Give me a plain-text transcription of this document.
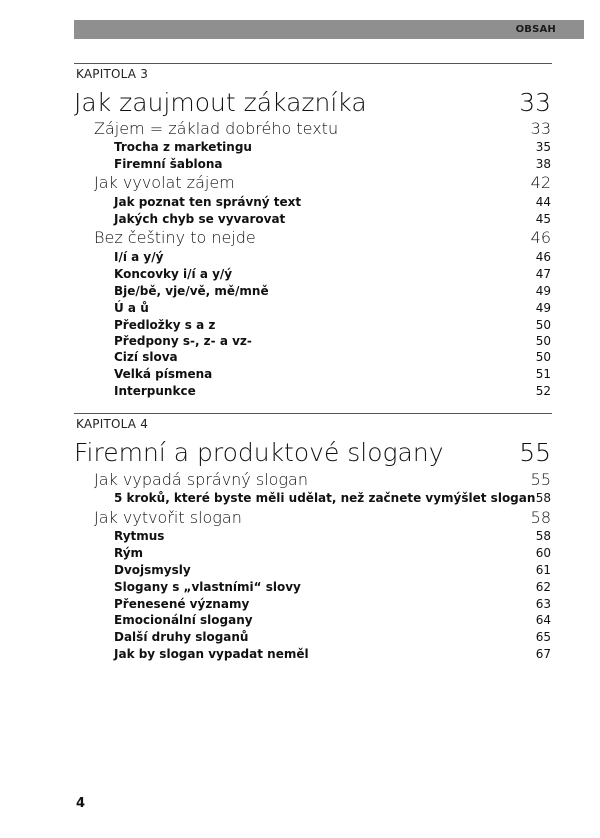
OBSAH
KAPITOLA 3
Jak zaujmout zákazníka	33
Zájem = základ dobrého textu	33
Trocha z marketingu	35
Firemní šablona	38
Jak vyvolat zájem	42
Jak poznat ten správný text	44
Jakých chyb se vyvarovat	45
Bez češtiny to nejde	46
I/í a y/ý	46
Koncovky i/í a y/ý	47
Bje/bě, vje/vě, mě/mně	49
Ú a ů	49
Předložky s a z	50
Předpony s-, z- a vz-	50
Cizí slova	50
Velká písmena	51
Interpunkce	52
KAPITOLA 4
Firemní a produktové slogany	55
Jak vypadá správný slogan	55
5 kroků, které byste měli udělat, než začnete vymýšlet slogan 58
Jak vytvořit slogan	58
Rytmus	58
Rým	60
Dvojsmysly	61
Slogany s „vlastními“ slovy	62
Přenesené významy	63
Emocionální slogany	64
Další druhy sloganů	65
Jak by slogan vypadat neměl	67
4
